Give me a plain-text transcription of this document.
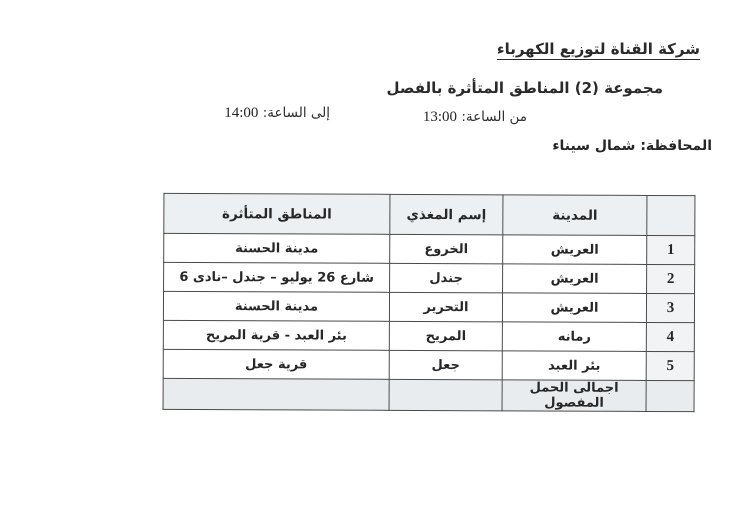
شركة القناة لتوزيع الكهرباء
مجموعة (2) المناطق المتأثرة بالفصل
من الساعة: 13:00
إلى الساعة: 14:00
المحافظة: شمال سيناء
	المدينة	إسم المغذي	المناطق المتأثرة
1	العريش	الخروع	مدينة الحسنة
2	العريش	جندل	شارع 26 يوليو – جندل –نادى 6
3	العريش	التحرير	مدينة الحسنة
4	رمانه	المريح	بئر العبد - قرية المريح
5	بئر العبد	جعل	قرية جعل
	اجمالى الحمل المفصول		
